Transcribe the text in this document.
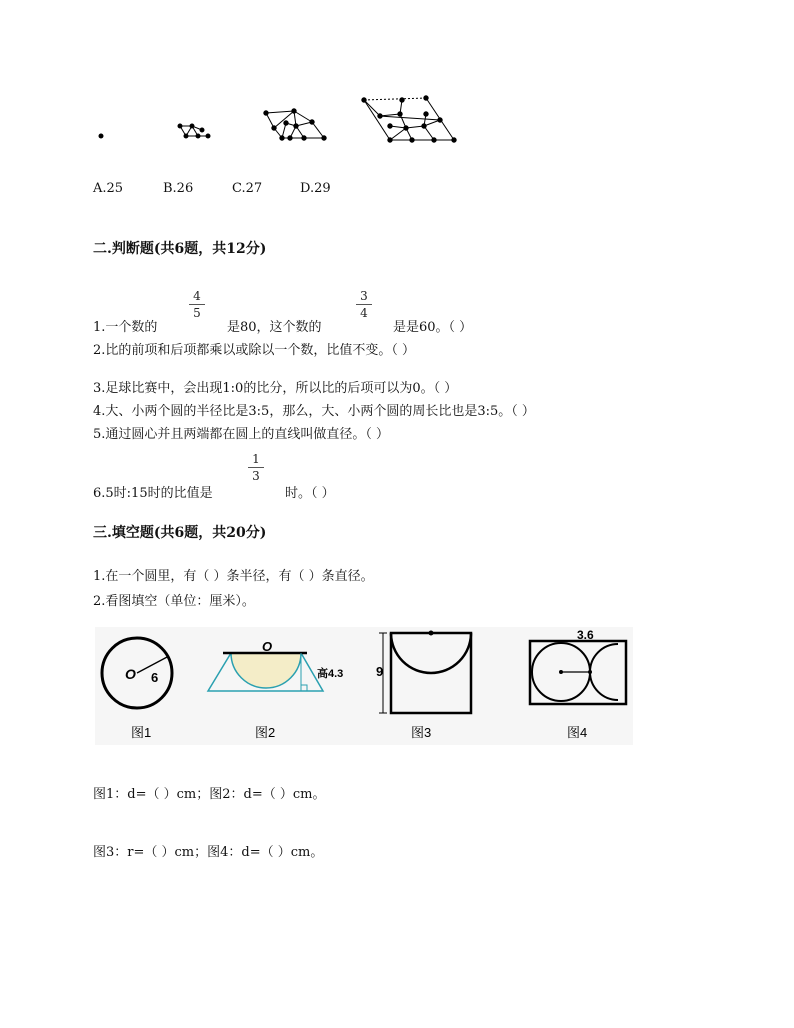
A.25	B.26	C.27	D.29
二.判断题(共6题，共12分)
4
5
3
4
1.一个数的	是80，这个数的	是是60。（ ）
2.比的前项和后项都乘以或除以一个数，比值不变。（ ）
3.足球比赛中，会出现1:0的比分，所以比的后项可以为0。（ ）
4.大、小两个圆的半径比是3:5，那么，大、小两个圆的周长比也是3:5。（ ）
5.通过圆心并且两端都在圆上的直线叫做直径。（ ）
1
3
6.5时:15时的比值是	时。（ ）
三.填空题(共6题，共20分)
1.在一个圆里，有（ ）条半径，有（ ）条直径。
2.看图填空（单位：厘米）。
O 6
图1
O
高4.3
图2
9
图3
3.6
图4
图1：d=（ ）cm；图2：d=（ ）cm。
图3：r=（ ）cm；图4：d=（ ）cm。
